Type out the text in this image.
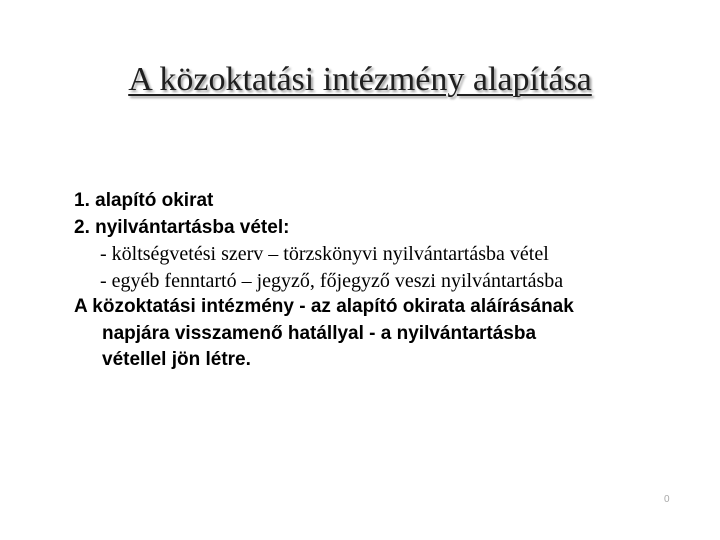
A közoktatási intézmény alapítása
1. alapító okirat
2. nyilvántartásba vétel:
- költségvetési szerv – törzskönyvi nyilvántartásba vétel
- egyéb fenntartó – jegyző, főjegyző veszi nyilvántartásba
A közoktatási intézmény - az alapító okirata aláírásának
napjára visszamenő hatállyal - a nyilvántartásba
vétellel jön létre.
0
